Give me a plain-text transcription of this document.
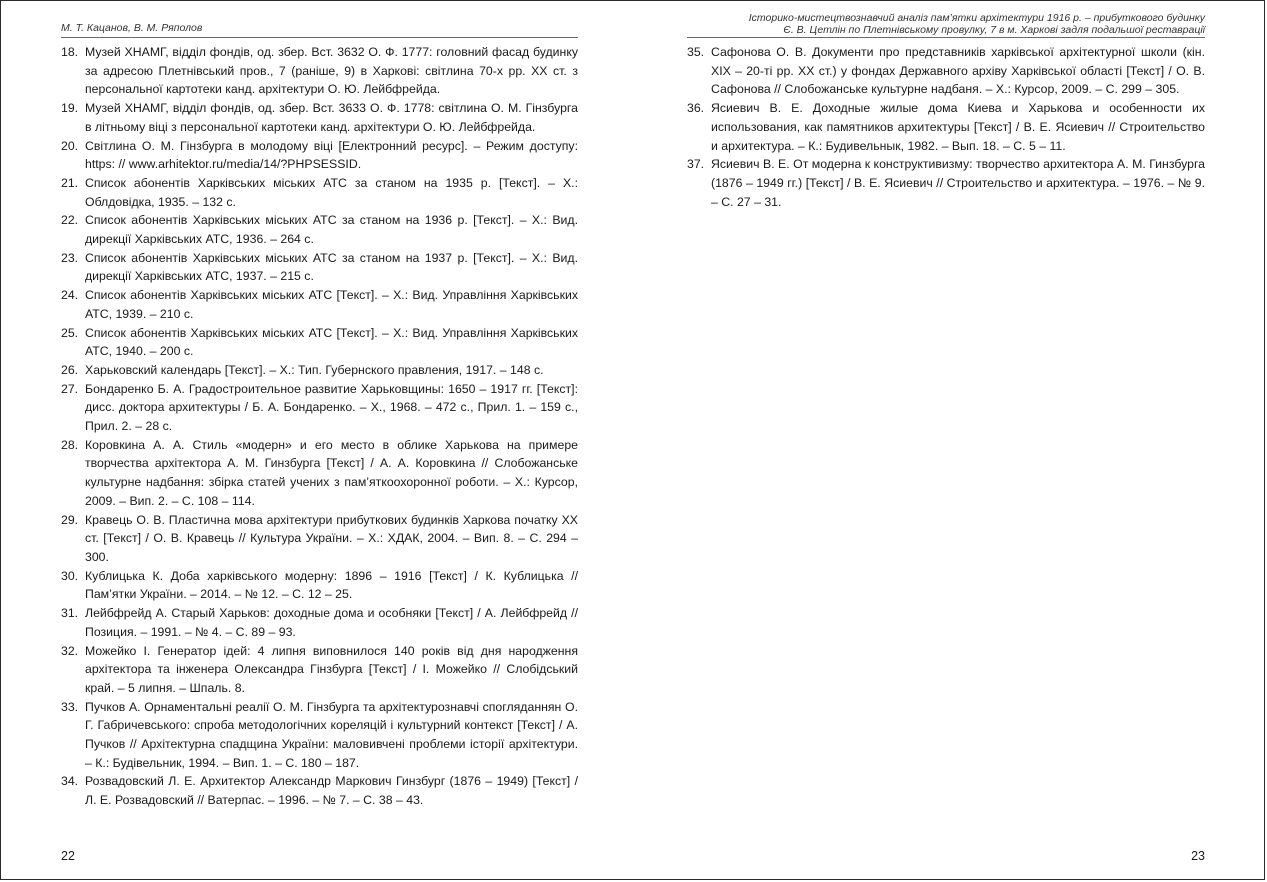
М. Т. Кацанов, В. М. Ряполов
18. Музей ХНАМГ, відділ фондів, од. збер. Вст. 3632 О. Ф. 1777: головний фасад будинку за адресою Плетнівський пров., 7 (раніше, 9) в Харкові: світлина 70-х рр. ХХ ст. з персональної картотеки канд. архітектури О. Ю. Лейбфрейда.
19. Музей ХНАМГ, відділ фондів, од. збер. Вст. 3633 О. Ф. 1778: світлина О. М. Гінзбурга в літньому віці з персональної картотеки канд. архітектури О. Ю. Лейбфрейда.
20. Світлина О. М. Гінзбурга в молодому віці [Електронний ресурс]. – Режим доступу: https: // www.arhitektor.ru/media/14/?PHPSESSID.
21. Список абонентів Харківських міських АТС за станом на 1935 р. [Текст]. – Х.: Облдовідка, 1935. – 132 с.
22. Список абонентів Харківських міських АТС за станом на 1936 р. [Текст]. – Х.: Вид. дирекції Харківських АТС, 1936. – 264 с.
23. Список абонентів Харківських міських АТС за станом на 1937 р. [Текст]. – Х.: Вид. дирекції Харківських АТС, 1937. – 215 с.
24. Список абонентів Харківських міських АТС [Текст]. – Х.: Вид. Управління Харківських АТС, 1939. – 210 с.
25. Список абонентів Харківських міських АТС [Текст]. – Х.: Вид. Управління Харківських АТС, 1940. – 200 с.
26. Харьковский календарь [Текст]. – Х.: Тип. Губернского правления, 1917. – 148 с.
27. Бондаренко Б. А. Градостроительное развитие Харьковщины: 1650 – 1917 гг. [Текст]: дисс. доктора архитектуры / Б. А. Бондаренко. – Х., 1968. – 472 с., Прил. 1. – 159 с., Прил. 2. – 28 с.
28. Коровкина А. А. Стиль «модерн» и его место в облике Харькова на примере творчества архітектора А. М. Гинзбурга [Текст] / А. А. Коровкина // Слобожанське культурне надбання: збірка статей учених з пам’яткоохоронної роботи. – Х.: Курсор, 2009. – Вип. 2. – С. 108 – 114.
29. Кравець О. В. Пластична мова архітектури прибуткових будинків Харкова початку ХХ ст. [Текст] / О. В. Кравець // Культура України. – Х.: ХДАК, 2004. – Вип. 8. – С. 294 – 300.
30. Кублицька К. Доба харківського модерну: 1896 – 1916 [Текст] / К. Кублицька // Пам’ятки України. – 2014. – № 12. – С. 12 – 25.
31. Лейбфрейд А. Старый Харьков: доходные дома и особняки [Текст] / А. Лейбфрейд // Позиция. – 1991. – № 4. – С. 89 – 93.
32. Можейко І. Генератор ідей: 4 липня виповнилося 140 років від дня народження архітектора та інженера Олександра Гінзбурга [Текст] / І. Можейко // Слобідський край. – 5 липня. – Шпаль. 8.
33. Пучков А. Орнаментальні реалії О. М. Гінзбурга та архітектурознавчі спогляданнян О. Г. Габричевського: спроба методологічних кореляцій і культурний контекст [Текст] / А. Пучков // Архітектурна спадщина України: маловивчені проблеми історії архітектури. – К.: Будівельник, 1994. – Вип. 1. – С. 180 – 187.
34. Розвадовский Л. Е. Архитектор Александр Маркович Гинзбург (1876 – 1949) [Текст] / Л. Е. Розвадовский // Ватерпас. – 1996. – № 7. – С. 38 – 43.
22
Історико-мистецтвознавчий аналіз пам’ятки архітектури 1916 р. – прибуткового будинку
Є. В. Цетлін по Плетнівському провулку, 7 в м. Харкові задля подальшої реставрації
35. Сафонова О. В. Документи про представників харківської архітектурної школи (кін. ХІХ – 20-ті рр. ХХ ст.) у фондах Державного архіву Харківської області [Текст] / О. В. Сафонова // Слобожанське культурне надбаня. – Х.: Курсор, 2009. – С. 299 – 305.
36. Ясиевич В. Е. Доходные жилые дома Киева и Харькова и особенности их использования, как памятников архитектуры [Текст] / В. Е. Ясиевич // Строительство и архитектура. – К.: Будивельнык, 1982. – Вып. 18. – С. 5 – 11.
37. Ясиевич В. Е. От модерна к конструктивизму: творчество архитектора А. М. Гинзбурга (1876 – 1949 гг.) [Текст] / В. Е. Ясиевич // Строительство и архитектура. – 1976. – № 9. – С. 27 – 31.
23
